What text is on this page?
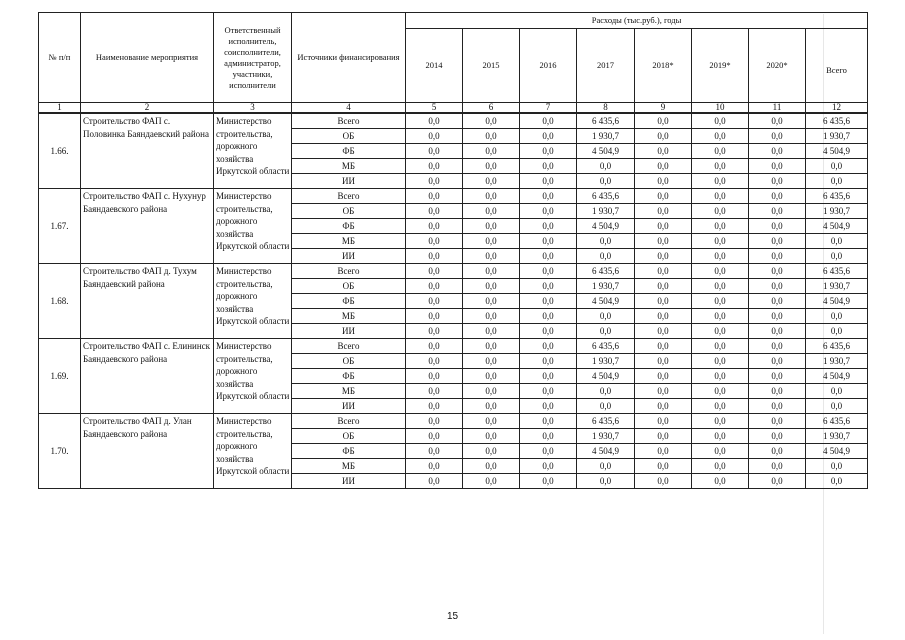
№ п/п	Наименование мероприятия	Ответственный исполнитель, соисполнители, администратор, участники, исполнители	Источники финансирования	Расходы (тыс.руб.), годы							
				2014	2015	2016	2017	2018*	2019*	2020*	Всего
1	2	3	4	5	6	7	8	9	10	11	12
1.66.	Строительство ФАП с. Половинка Баяндаевский района	Министерство строительства, дорожного хозяйства Иркутской области	Всего	0,0	0,0	0,0	6 435,6	0,0	0,0	0,0	6 435,6
			ОБ	0,0	0,0	0,0	1 930,7	0,0	0,0	0,0	1 930,7
			ФБ	0,0	0,0	0,0	4 504,9	0,0	0,0	0,0	4 504,9
			МБ	0,0	0,0	0,0	0,0	0,0	0,0	0,0	0,0
			ИИ	0,0	0,0	0,0	0,0	0,0	0,0	0,0	0,0
1.67.	Строительство ФАП с. Нухунур Баяндаевского района	Министерство строительства, дорожного хозяйства Иркутской области	Всего	0,0	0,0	0,0	6 435,6	0,0	0,0	0,0	6 435,6
			ОБ	0,0	0,0	0,0	1 930,7	0,0	0,0	0,0	1 930,7
			ФБ	0,0	0,0	0,0	4 504,9	0,0	0,0	0,0	4 504,9
			МБ	0,0	0,0	0,0	0,0	0,0	0,0	0,0	0,0
			ИИ	0,0	0,0	0,0	0,0	0,0	0,0	0,0	0,0
1.68.	Строительство ФАП д. Тухум Баяндаевский района	Министерство строительства, дорожного хозяйства Иркутской области	Всего	0,0	0,0	0,0	6 435,6	0,0	0,0	0,0	6 435,6
			ОБ	0,0	0,0	0,0	1 930,7	0,0	0,0	0,0	1 930,7
			ФБ	0,0	0,0	0,0	4 504,9	0,0	0,0	0,0	4 504,9
			МБ	0,0	0,0	0,0	0,0	0,0	0,0	0,0	0,0
			ИИ	0,0	0,0	0,0	0,0	0,0	0,0	0,0	0,0
1.69.	Строительство ФАП с. Елининск Баяндаевского района	Министерство строительства, дорожного хозяйства Иркутской области	Всего	0,0	0,0	0,0	6 435,6	0,0	0,0	0,0	6 435,6
			ОБ	0,0	0,0	0,0	1 930,7	0,0	0,0	0,0	1 930,7
			ФБ	0,0	0,0	0,0	4 504,9	0,0	0,0	0,0	4 504,9
			МБ	0,0	0,0	0,0	0,0	0,0	0,0	0,0	0,0
			ИИ	0,0	0,0	0,0	0,0	0,0	0,0	0,0	0,0
1.70.	Строительство ФАП д. Улан Баяндаевского района	Министерство строительства, дорожного хозяйства Иркутской области	Всего	0,0	0,0	0,0	6 435,6	0,0	0,0	0,0	6 435,6
			ОБ	0,0	0,0	0,0	1 930,7	0,0	0,0	0,0	1 930,7
			ФБ	0,0	0,0	0,0	4 504,9	0,0	0,0	0,0	4 504,9
			МБ	0,0	0,0	0,0	0,0	0,0	0,0	0,0	0,0
			ИИ	0,0	0,0	0,0	0,0	0,0	0,0	0,0	0,0
15
